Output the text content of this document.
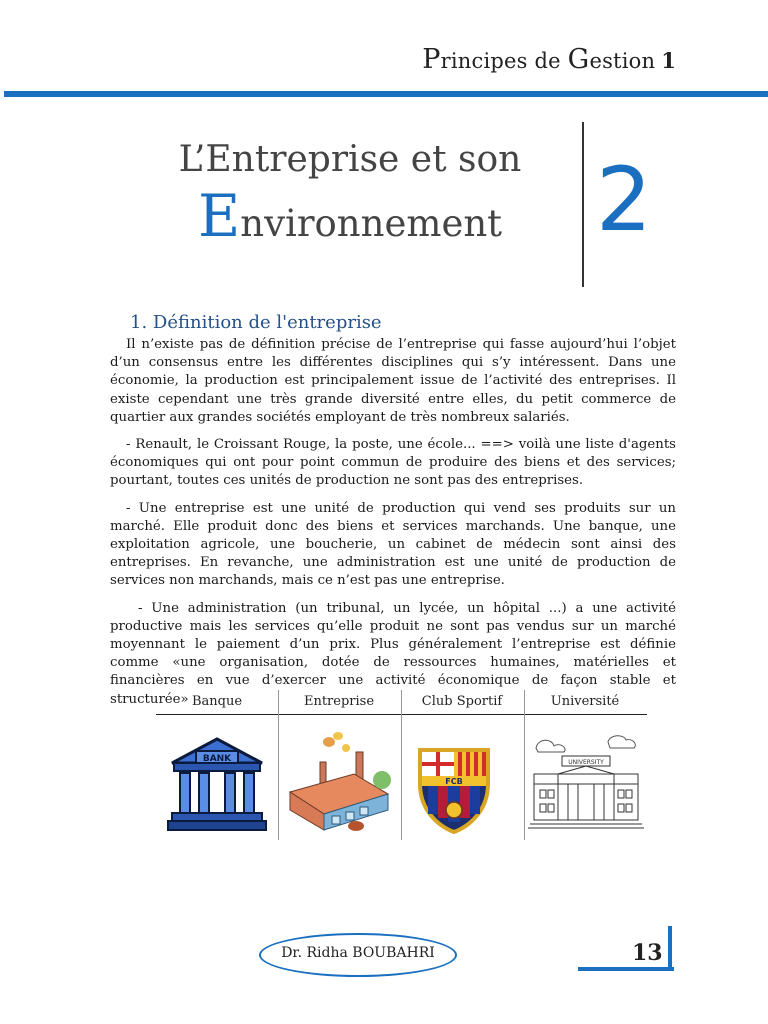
Principes de Gestion 1
L’Entreprise et son
Environnement	2
1. Définition de l'entreprise

Il n’existe pas de définition précise de l’entreprise qui fasse aujourd’hui l’objet d’un consensus entre les différentes disciplines qui s’y intéressent. Dans une économie, la production est principalement issue de l’activité des entreprises. Il existe cependant une très grande diversité entre elles, du petit commerce de quartier aux grandes sociétés employant de très nombreux salariés.

- Renault, le Croissant Rouge, la poste, une école... ==> voilà une liste d'agents économiques qui ont pour point commun de produire des biens et des services; pourtant, toutes ces unités de production ne sont pas des entreprises.

- Une entreprise est une unité de production qui vend ses produits sur un marché. Elle produit donc des biens et services marchands. Une banque, une exploitation agricole, une boucherie, un cabinet de médecin sont ainsi des entreprises. En revanche, une administration est une unité de production de services non marchands, mais ce n’est pas une entreprise.

- Une administration (un tribunal, un lycée, un hôpital ...) a une activité productive mais les services qu’elle produit ne sont pas vendus sur un marché moyennant le paiement d’un prix. Plus généralement l’entreprise est définie comme «une organisation, dotée de ressources humaines, matérielles et financières en vue d’exercer une activité économique de façon stable et structurée» Banque	Entreprise	Club Sportif	Université
BANK
FCB
UNIVERSITY
Dr. Ridha BOUBAHRI	13
